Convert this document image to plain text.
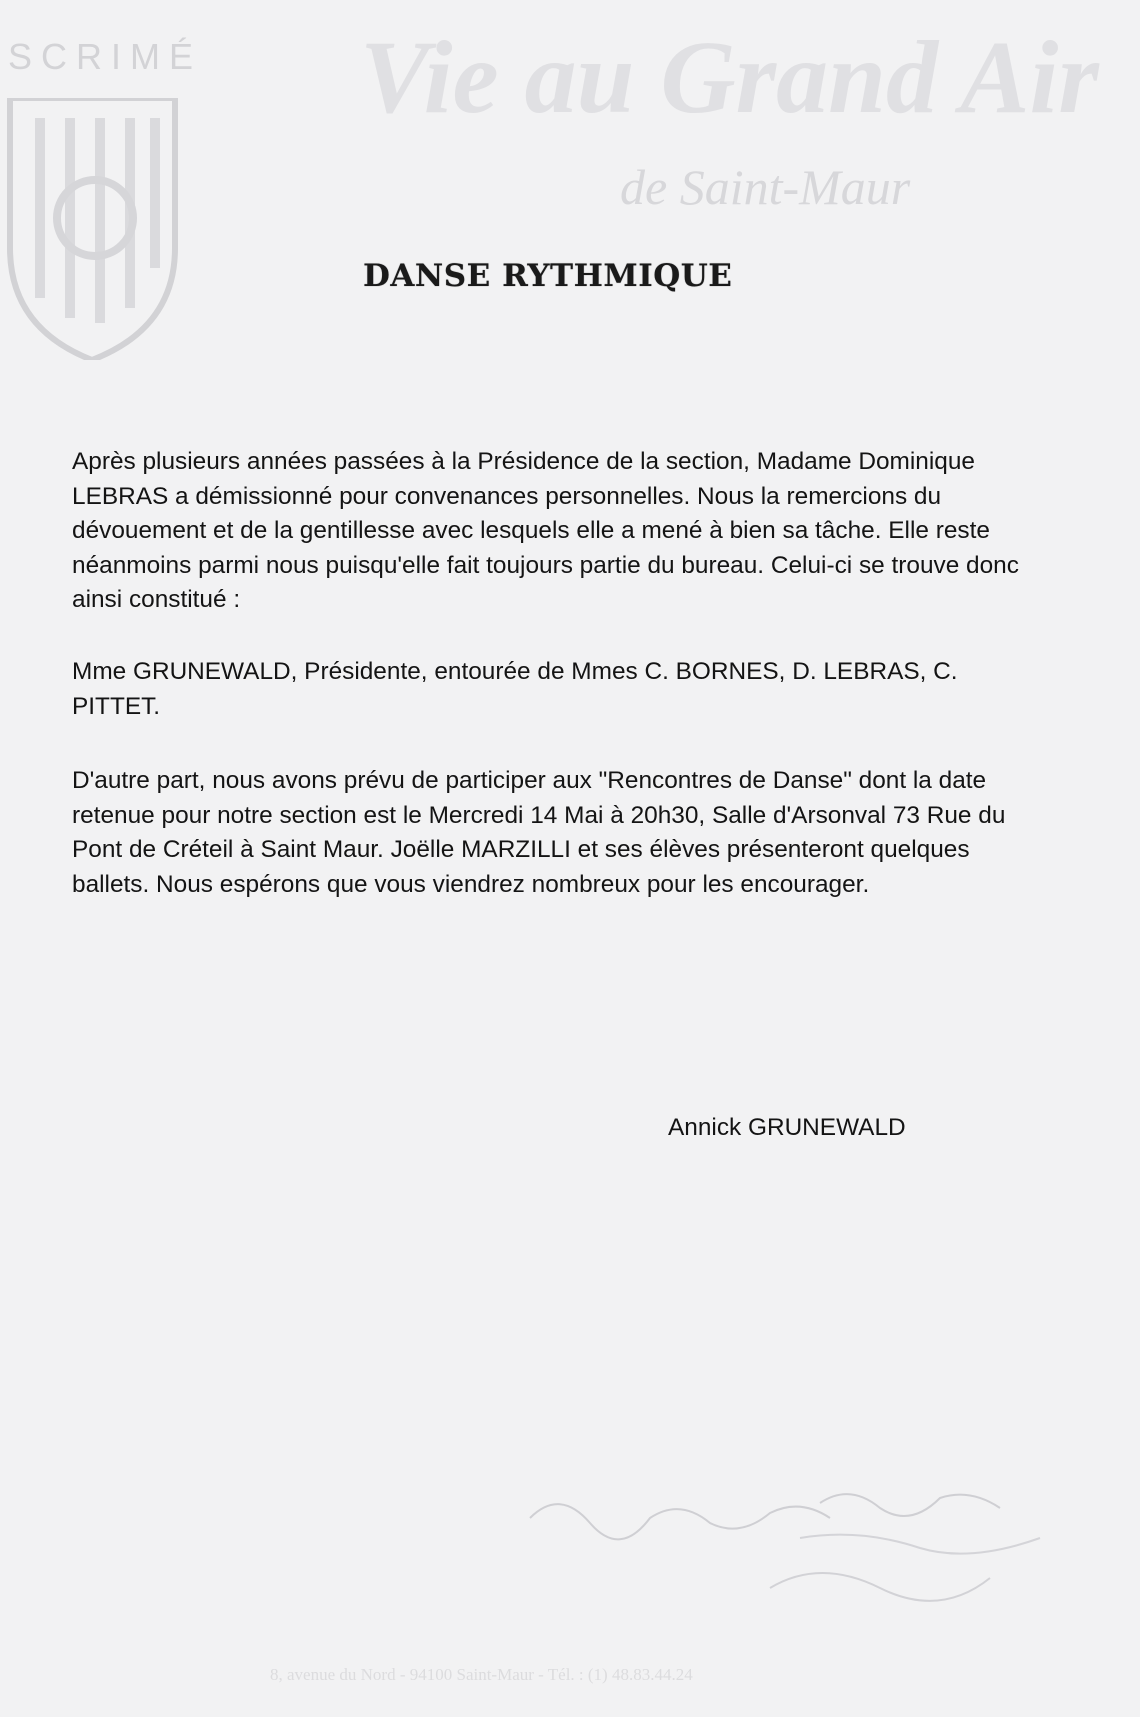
SCRIMÉ Vie au Grand Air
de Saint-Maur
8, avenue du Nord - 94100 Saint-Maur - Tél. : (1) 48.83.44.24
DANSE RYTHMIQUE

Après plusieurs années passées à la Présidence de la section, Madame Dominique LEBRAS a démissionné pour convenances personnelles. Nous la remercions du dévouement et de la gentillesse avec lesquels elle a mené à bien sa tâche. Elle reste néanmoins parmi nous puisqu'elle fait toujours partie du bureau. Celui-ci se trouve donc ainsi constitué :

Mme GRUNEWALD, Présidente, entourée de Mmes C. BORNES, D. LEBRAS, C. PITTET.

D'autre part, nous avons prévu de participer aux "Rencontres de Danse" dont la date retenue pour notre section est le Mercredi 14 Mai à 20h30, Salle d'Arsonval 73 Rue du Pont de Créteil à Saint Maur. Joëlle MARZILLI et ses élèves présenteront quelques ballets. Nous espérons que vous viendrez nombreux pour les encourager.

Annick GRUNEWALD
